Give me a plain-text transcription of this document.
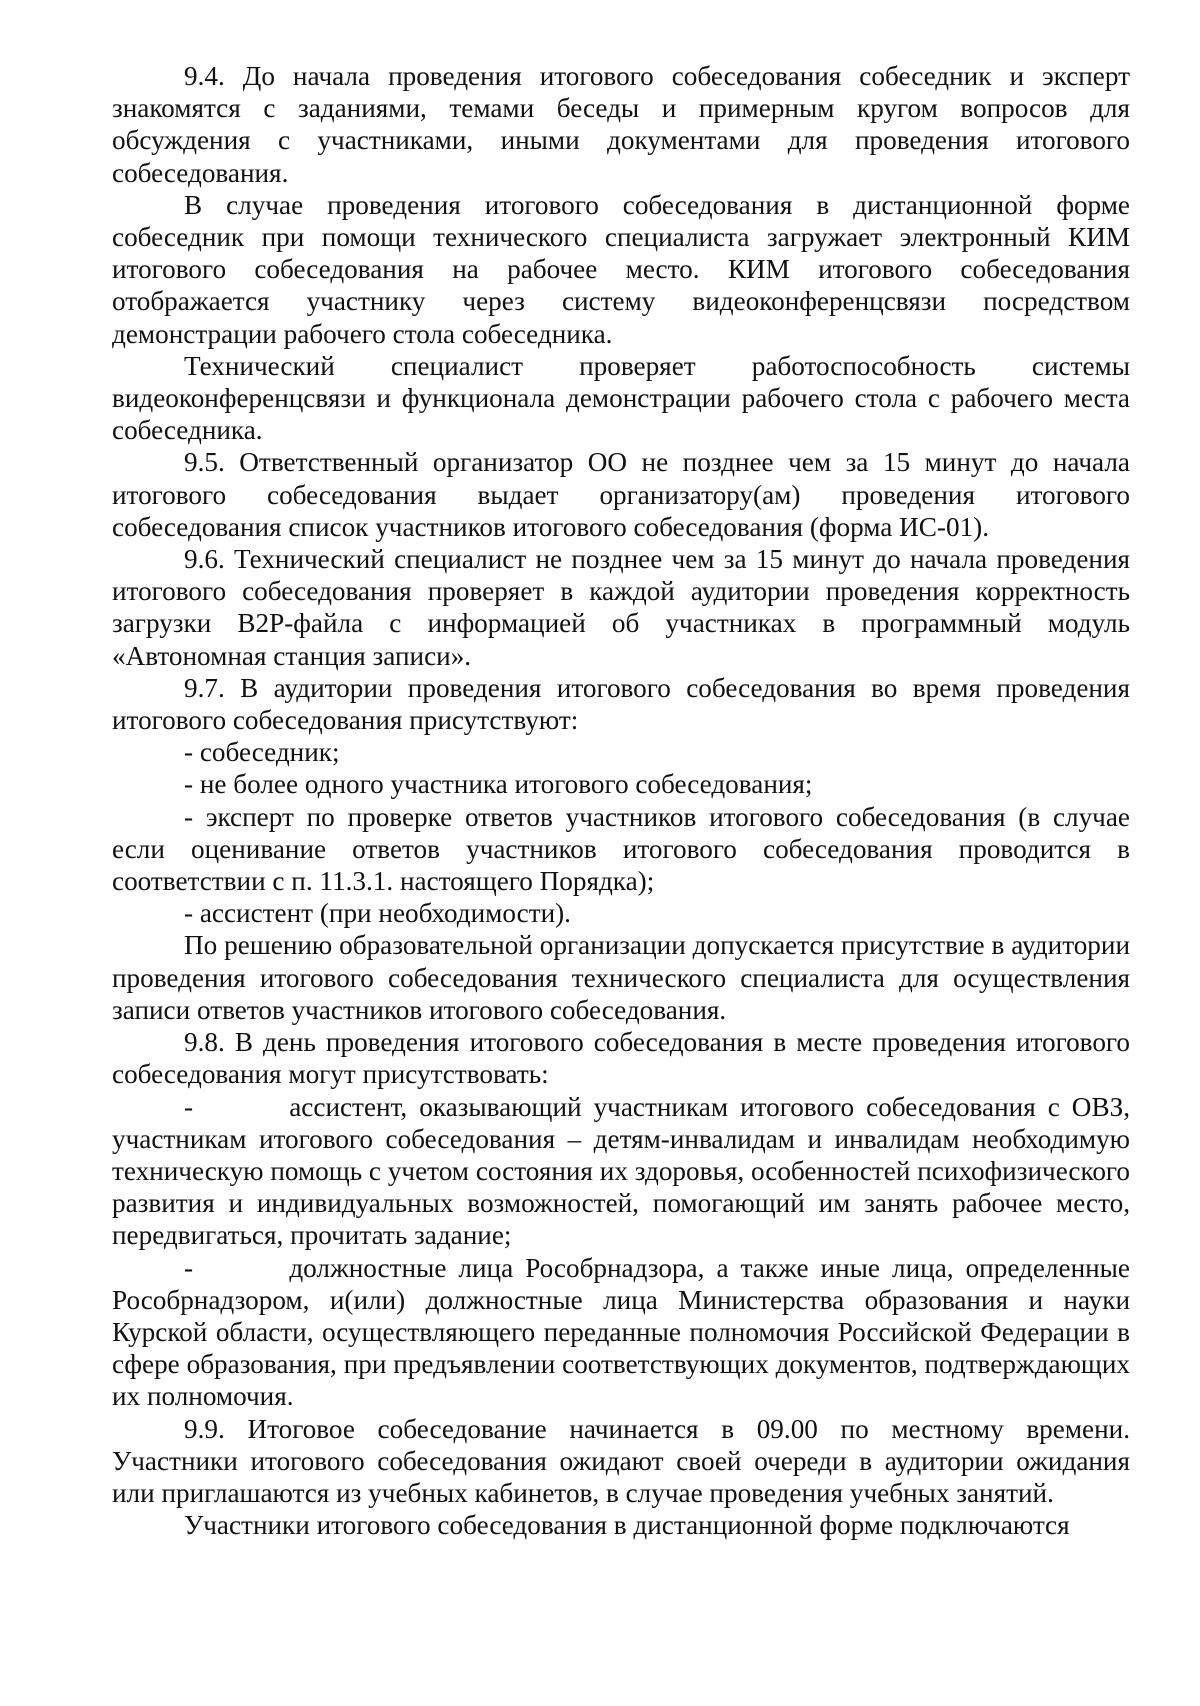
9.4. До начала проведения итогового собеседования собеседник и эксперт знакомятся с заданиями, темами беседы и примерным кругом вопросов для обсуждения с участниками, иными документами для проведения итогового собеседования.

В случае проведения итогового собеседования в дистанционной форме собеседник при помощи технического специалиста загружает электронный КИМ итогового собеседования на рабочее место. КИМ итогового собеседования отображается участнику через систему видеоконференцсвязи посредством демонстрации рабочего стола собеседника.

Технический специалист проверяет работоспособность системы видеоконференцсвязи и функционала демонстрации рабочего стола с рабочего места собеседника.

9.5. Ответственный организатор ОО не позднее чем за 15 минут до начала итогового собеседования выдает организатору(ам) проведения итогового собеседования список участников итогового собеседования (форма ИС-01).

9.6. Технический специалист не позднее чем за 15 минут до начала проведения итогового собеседования проверяет в каждой аудитории проведения корректность загрузки В2Р-файла с информацией об участниках в программный модуль «Автономная станция записи».

9.7. В аудитории проведения итогового собеседования во время проведения итогового собеседования присутствуют:

- собеседник;

- не более одного участника итогового собеседования;

- эксперт по проверке ответов участников итогового собеседования (в случае если оценивание ответов участников итогового собеседования проводится в соответствии с п. 11.3.1. настоящего Порядка);

- ассистент (при необходимости).

По решению образовательной организации допускается присутствие в аудитории проведения итогового собеседования технического специалиста для осуществления записи ответов участников итогового собеседования.

9.8. В день проведения итогового собеседования в месте проведения итогового собеседования могут присутствовать:

-        ассистент, оказывающий участникам итогового собеседования с ОВЗ, участникам итогового собеседования – детям-инвалидам и инвалидам необходимую техническую помощь с учетом состояния их здоровья, особенностей психофизического развития и индивидуальных возможностей, помогающий им занять рабочее место, передвигаться, прочитать задание;

-        должностные лица Рособрнадзора, а также иные лица, определенные Рособрнадзором, и(или) должностные лица Министерства образования и науки Курской области, осуществляющего переданные полномочия Российской Федерации в сфере образования, при предъявлении соответствующих документов, подтверждающих их полномочия.

9.9. Итоговое собеседование начинается в 09.00 по местному времени. Участники итогового собеседования ожидают своей очереди в аудитории ожидания или приглашаются из учебных кабинетов, в случае проведения учебных занятий.

Участники итогового собеседования в дистанционной форме подключаются
